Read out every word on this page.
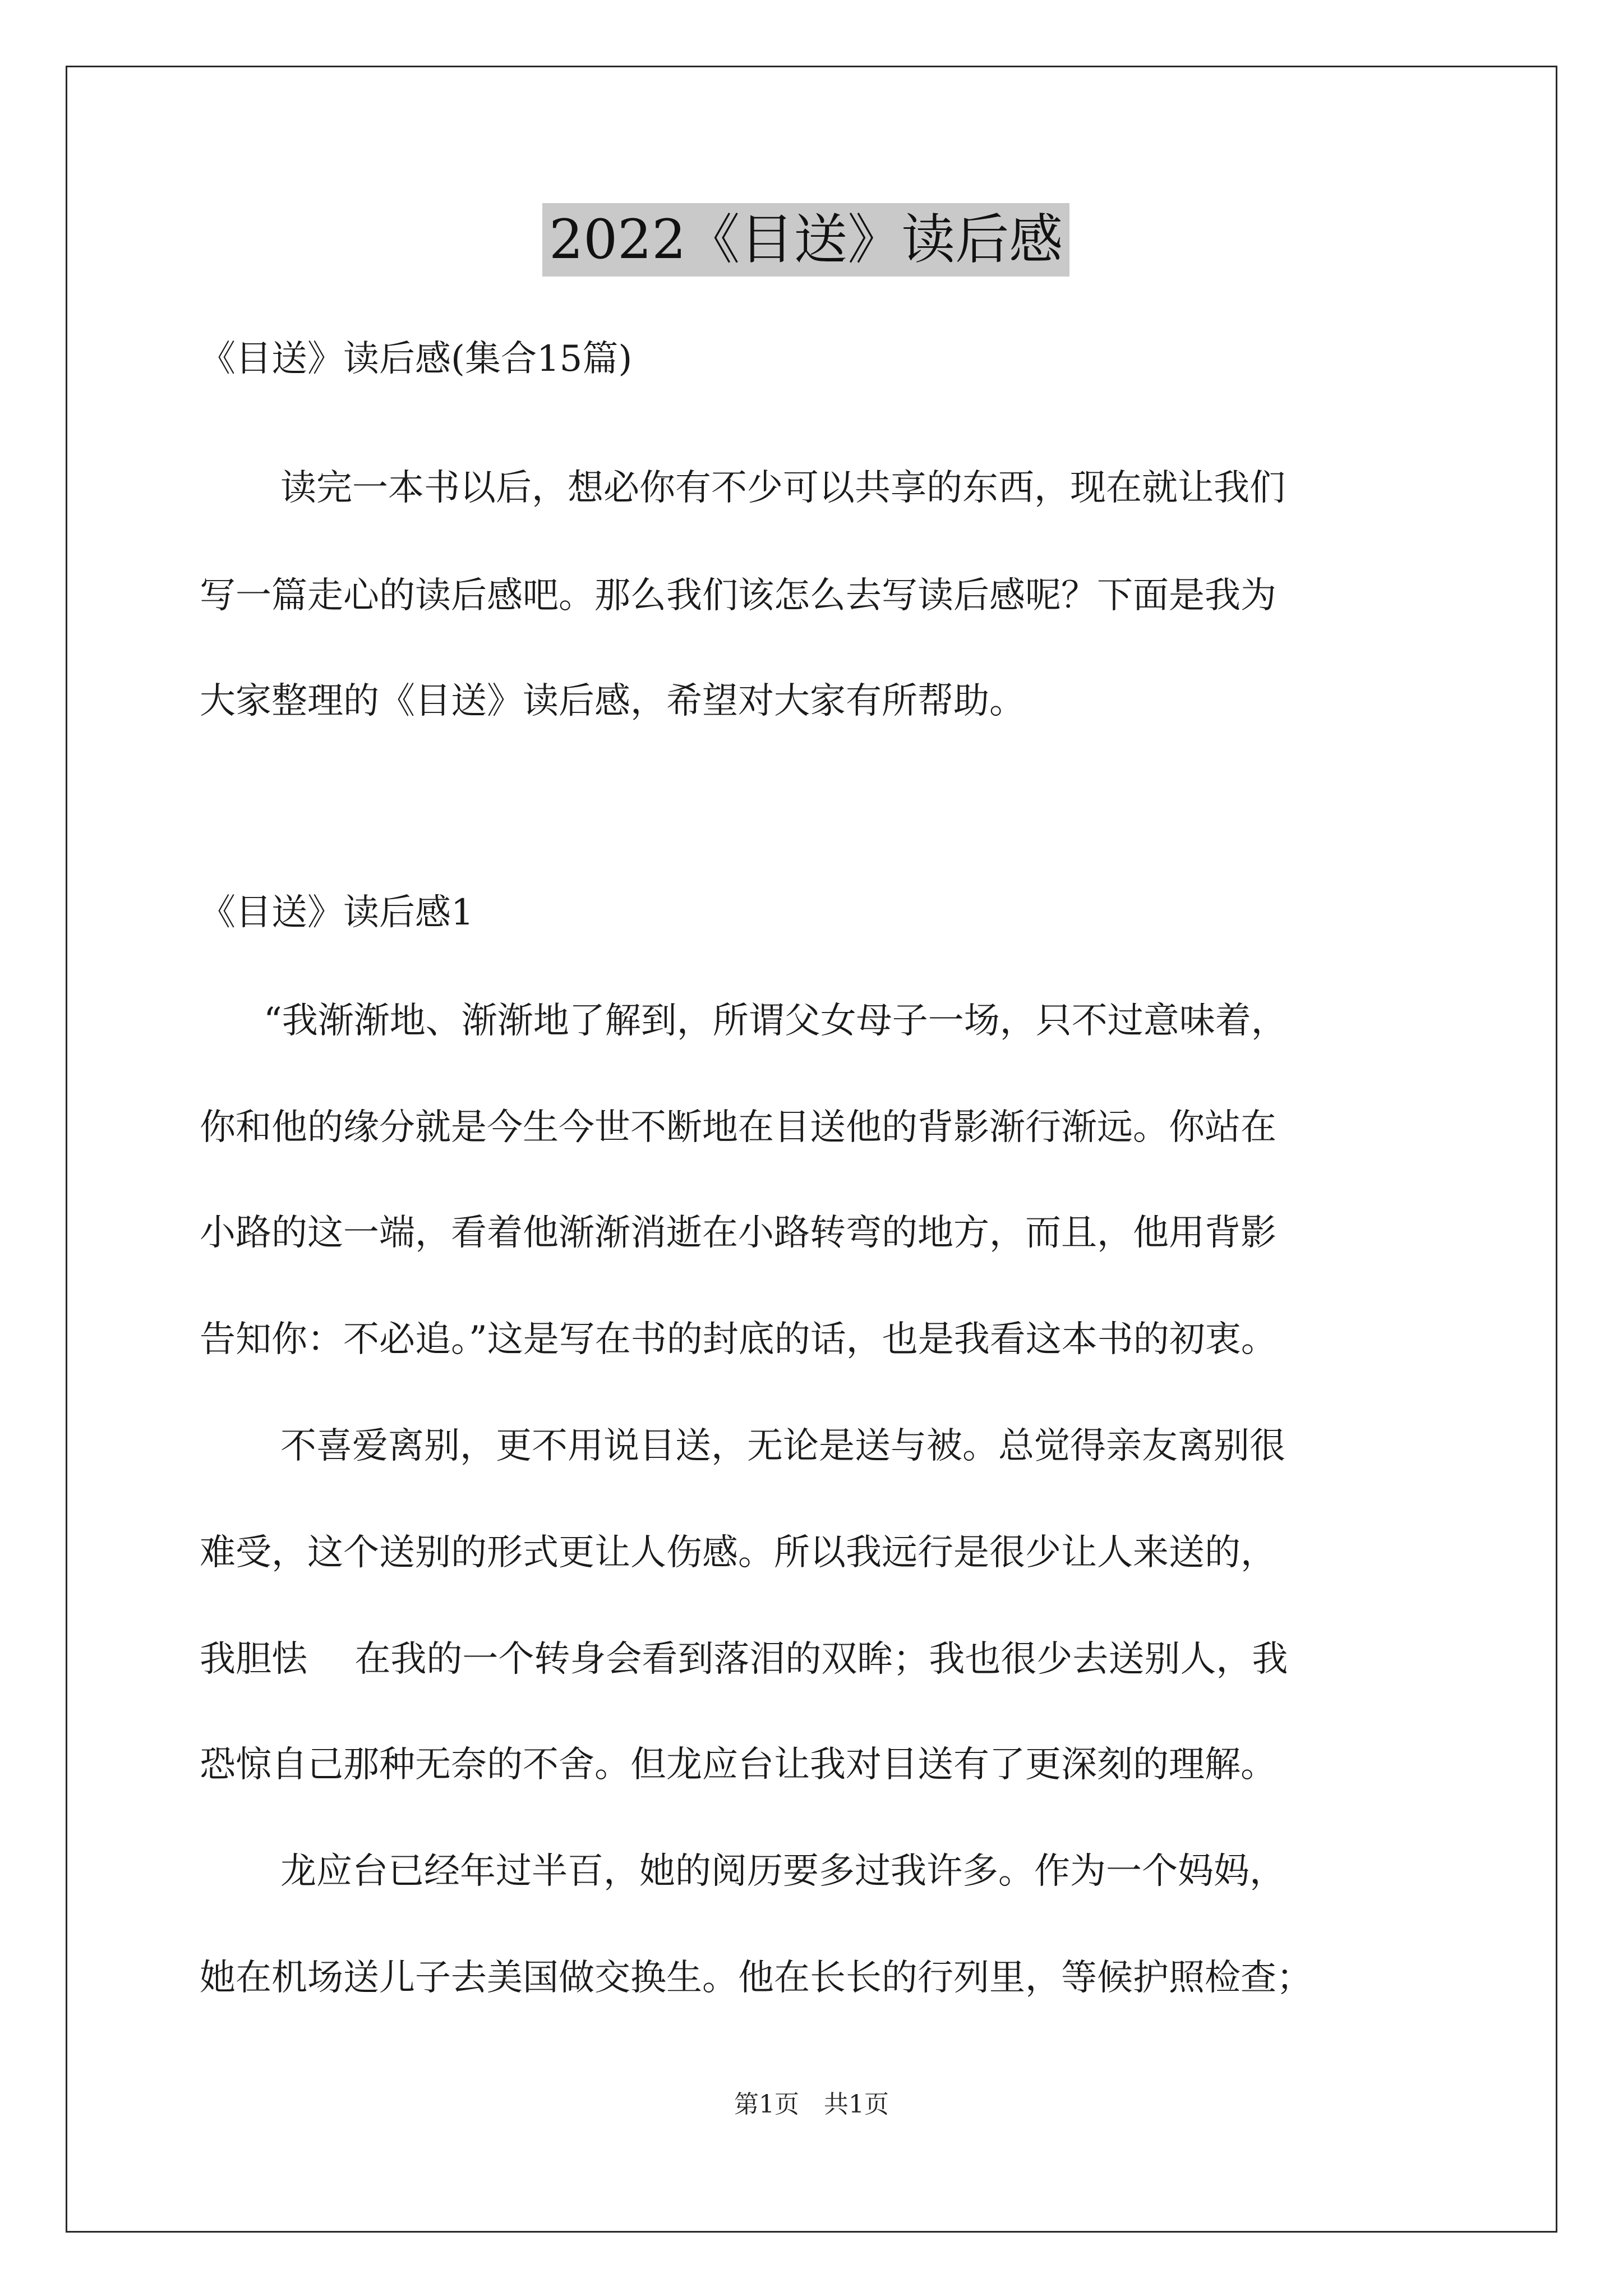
2022《目送》读后感
《目送》读后感(集合15篇)
读完一本书以后，想必你有不少可以共享的东西，现在就让我们
写一篇走心的读后感吧。那么我们该怎么去写读后感呢？下面是我为
大家整理的《目送》读后感，希望对大家有所帮助。
《目送》读后感1
“我渐渐地、渐渐地了解到，所谓父女母子一场，只不过意味着，
你和他的缘分就是今生今世不断地在目送他的背影渐行渐远。你站在
小路的这一端，看着他渐渐消逝在小路转弯的地方，而且，他用背影
告知你：不必追。”这是写在书的封底的话，也是我看这本书的初衷。
不喜爱离别，更不用说目送，无论是送与被。总觉得亲友离别很
难受，这个送别的形式更让人伤感。所以我远行是很少让人来送的，
我胆怯　 在我的一个转身会看到落泪的双眸；我也很少去送别人，我
恐惊自己那种无奈的不舍。但龙应台让我对目送有了更深刻的理解。
龙应台已经年过半百，她的阅历要多过我许多。作为一个妈妈，
她在机场送儿子去美国做交换生。他在长长的行列里，等候护照检查；
第1页　共1页
